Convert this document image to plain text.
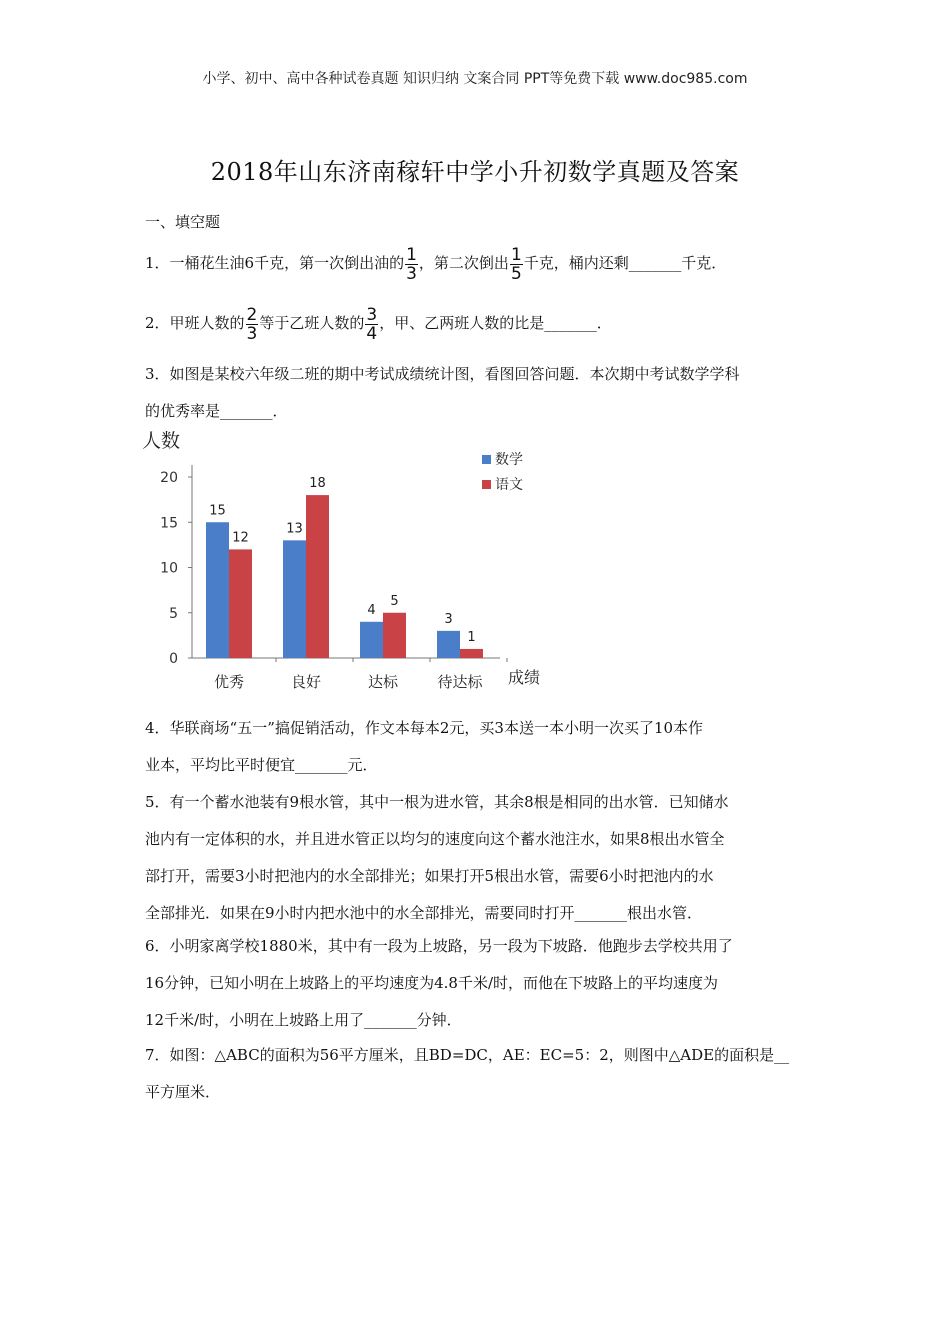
小学、初中、高中各种试卷真题 知识归纳 文案合同 PPT等免费下载 www.doc985.com
2018年山东济南稼轩中学小升初数学真题及答案
一、填空题
1．一桶花生油6千克，第一次倒出油的 $\frac{1}{3}$ ，第二次倒出 $\frac{1}{5}$ 千克，桶内还剩_______千克．
2．甲班人数的 $\frac{2}{3}$ 等于乙班人数的 $\frac{3}{4}$ ，甲、乙两班人数的比是_______．
3．如图是某校六年级二班的期中考试成绩统计图，看图回答问题．本次期中考试数学学科
的优秀率是_______．
人数
成绩
0
5
10
15
20
优秀	良好	达标	待达标
15
12
13
18
4
5
3
1
数学
语文
4．华联商场“五一”搞促销活动，作文本每本2元，买3本送一本小明一次买了10本作
业本，平均比平时便宜_______元．
5．有一个蓄水池装有9根水管，其中一根为进水管，其余8根是相同的出水管．已知储水
池内有一定体积的水，并且进水管正以均匀的速度向这个蓄水池注水，如果8根出水管全
部打开，需要3小时把池内的水全部排光；如果打开5根出水管，需要6小时把池内的水
全部排光．如果在9小时内把水池中的水全部排光，需要同时打开_______根出水管．
6．小明家离学校1880米，其中有一段为上坡路，另一段为下坡路．他跑步去学校共用了
16分钟，已知小明在上坡路上的平均速度为4.8千米/时，而他在下坡路上的平均速度为
12千米/时，小明在上坡路上用了_______分钟．
7．如图：△ABC的面积为56平方厘米，且BD=DC，AE：EC=5：2，则图中△ADE的面积是__
平方厘米．
